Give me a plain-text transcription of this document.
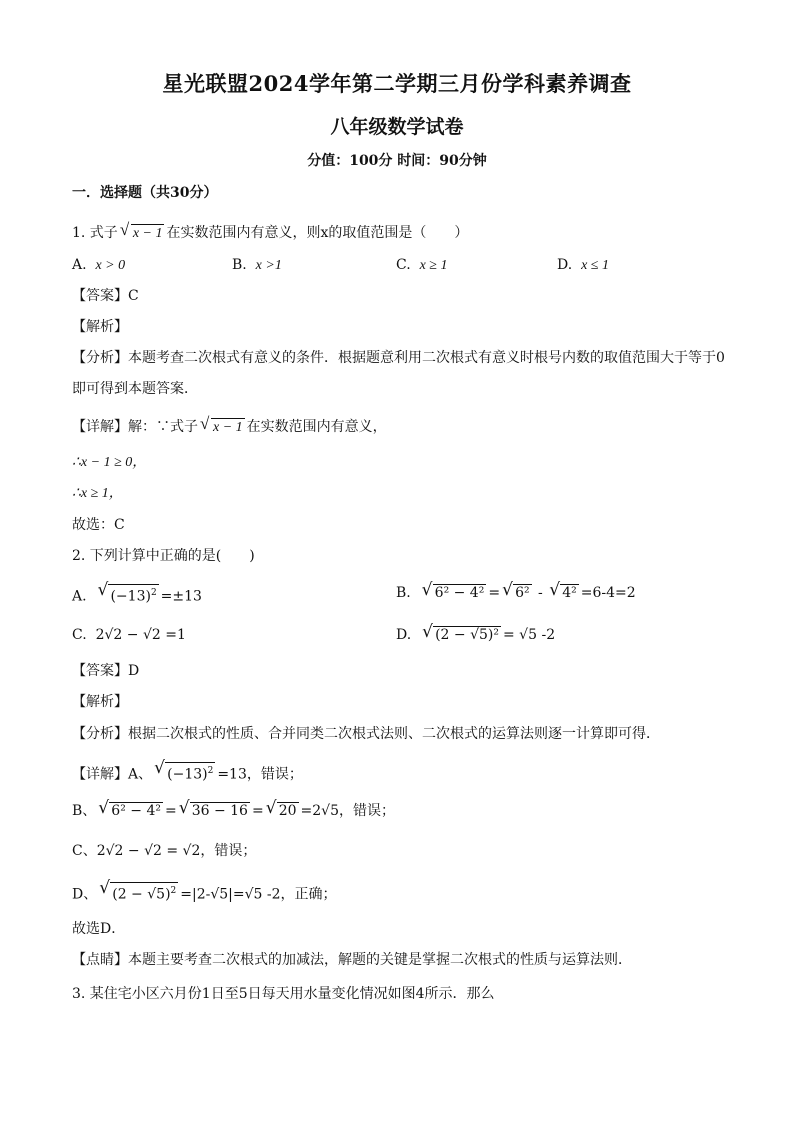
星光联盟2024学年第二学期三月份学科素养调查
八年级数学试卷
分值：100分 时间：90分钟
一．选择题（共30分）
1. 式子 √ x − 1 在实数范围内有意义，则x的取值范围是（　　）
A. x > 0	B. x >1	C. x ≥ 1	D. x ≤ 1
【答案】C
【解析】
【分析】本题考查二次根式有意义的条件．根据题意利用二次根式有意义时根号内数的取值范围大于等于0
即可得到本题答案．
【详解】解：∵式子 √ x − 1 在实数范围内有意义，
∴x − 1 ≥ 0，
∴x ≥ 1，
故选：C
2. 下列计算中正确的是(　　)
A. √ $(-13)^2 =\pm 13$	B. √ 6² − 4² = √ 6² - √ 4² =6-4=2
C. 2√2 − √2 =1	D. √ (2 − √5)² = √5 -2
【答案】D
【解析】
【分析】根据二次根式的性质、合并同类二次根式法则、二次根式的运算法则逐一计算即可得．
【详解】A、 √ $(-13)^2 =13$，错误；
B、 √ 6² − 4² = √ 36 − 16 = √ 20 =2√5，错误；
C、2√2 − √2 = √2，错误；
D、 √ $(2 - √5)^2 =|2-√5|=√5$ -2，正确；
故选D．
【点睛】本题主要考查二次根式的加减法，解题的关键是掌握二次根式的性质与运算法则．
3. 某住宅小区六月份1日至5日每天用水量变化情况如图4所示．那么
